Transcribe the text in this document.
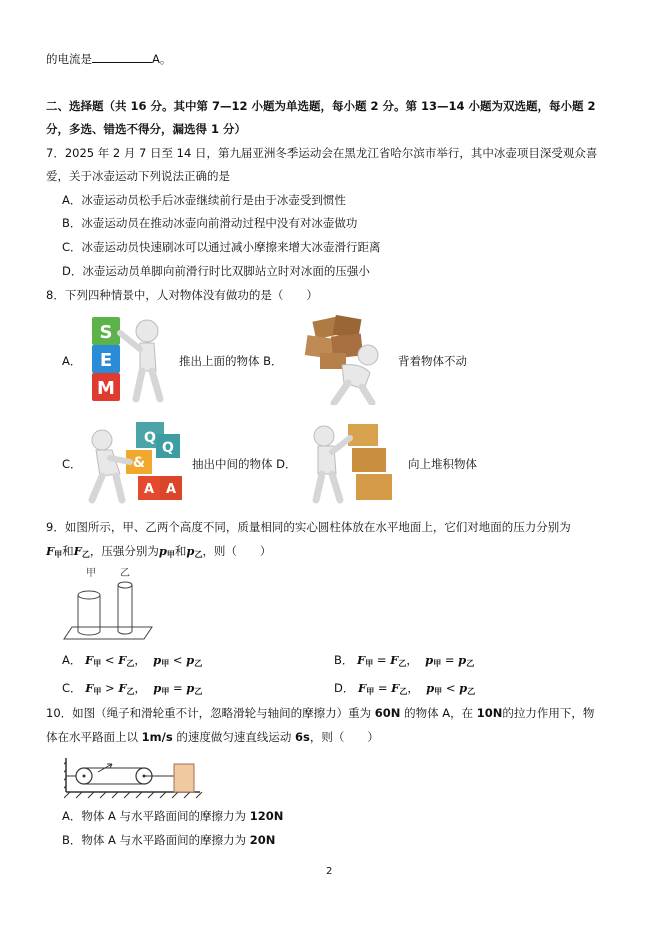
的电流是	A。
二、选择题（共 16 分。其中第 7—12 小题为单选题，每小题 2 分。第 13—14 小题为双选题，每小题 2
分，多选、错选不得分，漏选得 1 分）
7．2025 年 2 月 7 日至 14 日，第九届亚洲冬季运动会在黑龙江省哈尔滨市举行，其中冰壶项目深受观众喜
爱，关于冰壶运动下列说法正确的是
A．冰壶运动员松手后冰壶继续前行是由于冰壶受到惯性
B．冰壶运动员在推动冰壶向前滑动过程中没有对冰壶做功
C．冰壶运动员快速刷冰可以通过减小摩擦来增大冰壶滑行距离
D．冰壶运动员单脚向前滑行时比双脚站立时对冰面的压强小
8．下列四种情景中，人对物体没有做功的是（　　）
A．
S
E
M
推出上面的物体 B．	背着物体不动
C．
Q
Q
&
A A
抽出中间的物体 D．	向上堆积物体
9．如图所示，甲、乙两个高度不同，质量相同的实心圆柱体放在水平地面上，它们对地面的压力分别为
$F_甲$和$F_乙$，压强分别为$p_甲$和$p_乙$，则（　　）
甲 乙
A． $F_甲 < F_乙$， $p_甲 < p_乙$	B． $F_甲 = F_乙$， $p_甲 = p_乙$
C． $F_甲 > F_乙$， $p_甲 = p_乙$	D． $F_甲 = F_乙$， $p_甲 < p_乙$
10．如图（绳子和滑轮重不计，忽略滑轮与轴间的摩擦力）重为 60N 的物体 A，在 10N的拉力作用下，物
体在水平路面上以 1m/s 的速度做匀速直线运动 6s，则（　　）
A．物体 A 与水平路面间的摩擦力为 120N
B．物体 A 与水平路面间的摩擦力为 20N
2
